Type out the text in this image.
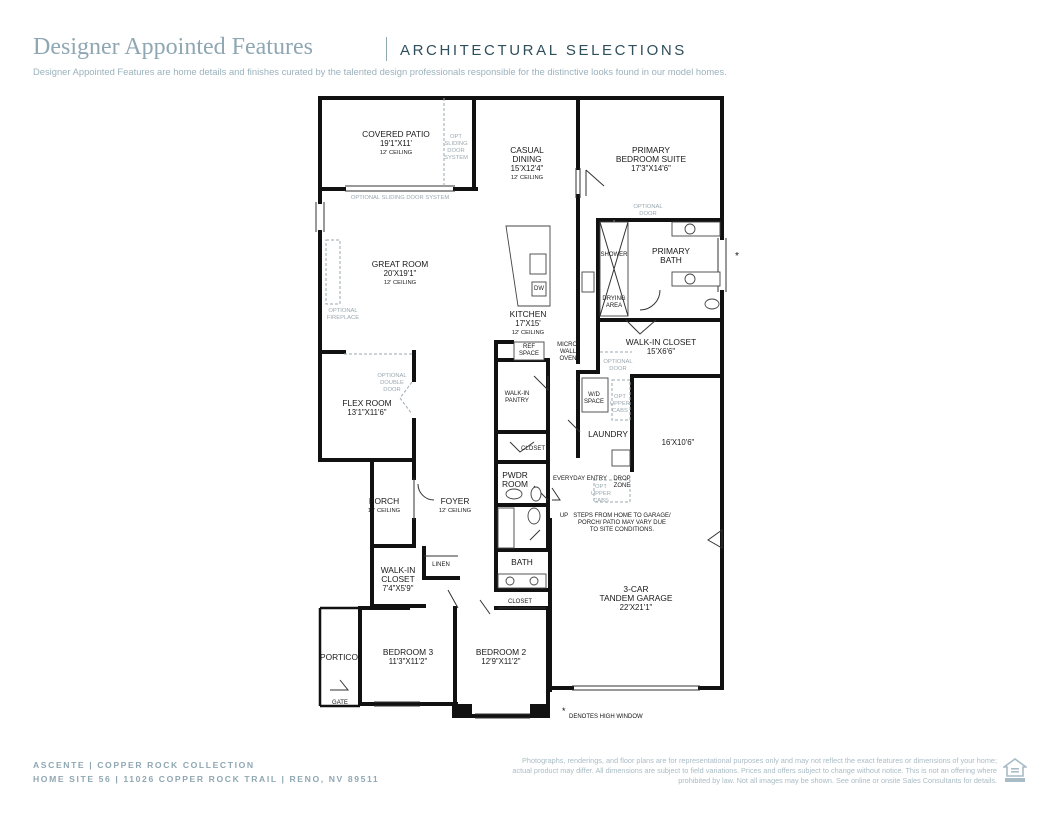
Designer Appointed Features	ARCHITECTURAL SELECTIONS
Designer Appointed Features are home details and finishes curated by the talented design professionals responsible for the distinctive looks found in our model homes.
COVERED PATIO
19'1"X11'
12' CEILING
OPT
SLIDING
DOOR
SYSTEM
OPTIONAL SLIDING DOOR SYSTEM
CASUAL
DINING
15'X12'4"
12' CEILING
PRIMARY
BEDROOM SUITE
17'3"X14'6"
OPTIONAL
DOOR
GREAT ROOM
20'X19'1"
12' CEILING
OPTIONAL
FIREPLACE
PRIMARY
BATH
SHOWER
DRYING
AREA
DW
KITCHEN
17'X15'
12' CEILING
REF
SPACE
MICRO/
WALL
OVEN
WALK-IN CLOSET
15'X6'6"
OPTIONAL
DOOR
OPTIONAL
DOUBLE
DOOR
FLEX ROOM
13'1"X11'6"
WALK-IN
PANTRY
W/D
SPACE
OPT
UPPER
CABS
LAUNDRY
16'X10'6"
CLOSET
PWDR
ROOM	EVERYDAY ENTRY DROP
ZONE
OPT
UPPER
CABS
UP STEPS FROM HOME TO GARAGE/
PORCH/ PATIO MAY VARY DUE
TO SITE CONDITIONS.
PORCH
12' CEILING
FOYER
12' CEILING
WALK-IN
CLOSET
7'4"X5'9"
LINEN	BATH
CLOSET
3-CAR
TANDEM GARAGE
22'X21'1"
BEDROOM 3
11'3"X11'2"
BEDROOM 2
12'9"X11'2"
PORTICO
GATE
*
*
DENOTES HIGH WINDOW
ASCENTE | COPPER ROCK COLLECTION
HOME SITE 56 | 11026 COPPER ROCK TRAIL | RENO, NV 89511
Photographs, renderings, and floor plans are for representational purposes only and may not reflect the exact features or dimensions of your home; actual product may differ. All dimensions are subject to field variations. Prices and offers subject to change without notice. This is not an offering where prohibited by law. Not all images may be shown. See online or onsite Sales Consultants for details.
